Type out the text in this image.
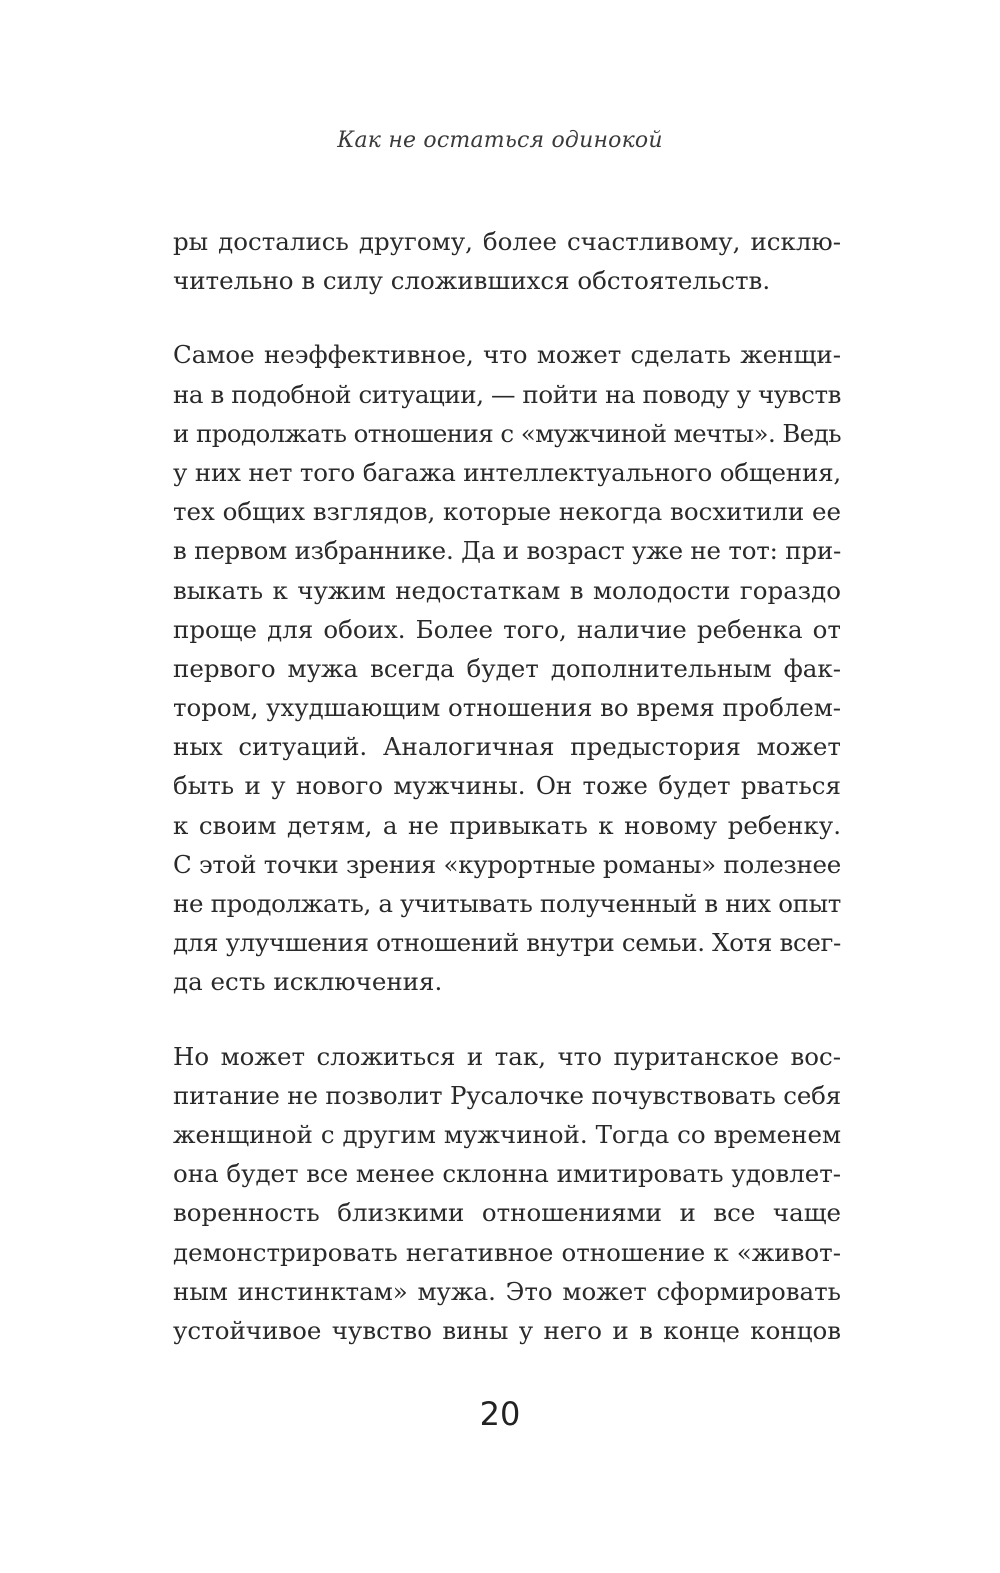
Как не остаться одинокой
ры достались другому, более счастливому, исклю-
чительно в силу сложившихся обстоятельств.
Самое неэффективное, что может сделать женщи-
на в подобной ситуации, — пойти на поводу у чувств
и продолжать отношения с «мужчиной мечты». Ведь
у них нет того багажа интеллектуального общения,
тех общих взглядов, которые некогда восхитили ее
в первом избраннике. Да и возраст уже не тот: при-
выкать к чужим недостаткам в молодости гораздо
проще для обоих. Более того, наличие ребенка от
первого мужа всегда будет дополнительным фак-
тором, ухудшающим отношения во время проблем-
ных ситуаций. Аналогичная предыстория может
быть и у нового мужчины. Он тоже будет рваться
к своим детям, а не привыкать к новому ребенку.
С этой точки зрения «курортные романы» полезнее
не продолжать, а учитывать полученный в них опыт
для улучшения отношений внутри семьи. Хотя всег-
да есть исключения.
Но может сложиться и так, что пуританское вос-
питание не позволит Русалочке почувствовать себя
женщиной с другим мужчиной. Тогда со временем
она будет все менее склонна имитировать удовлет-
воренность близкими отношениями и все чаще
демонстрировать негативное отношение к «живот-
ным инстинктам» мужа. Это может сформировать
устойчивое чувство вины у него и в конце концов
20
